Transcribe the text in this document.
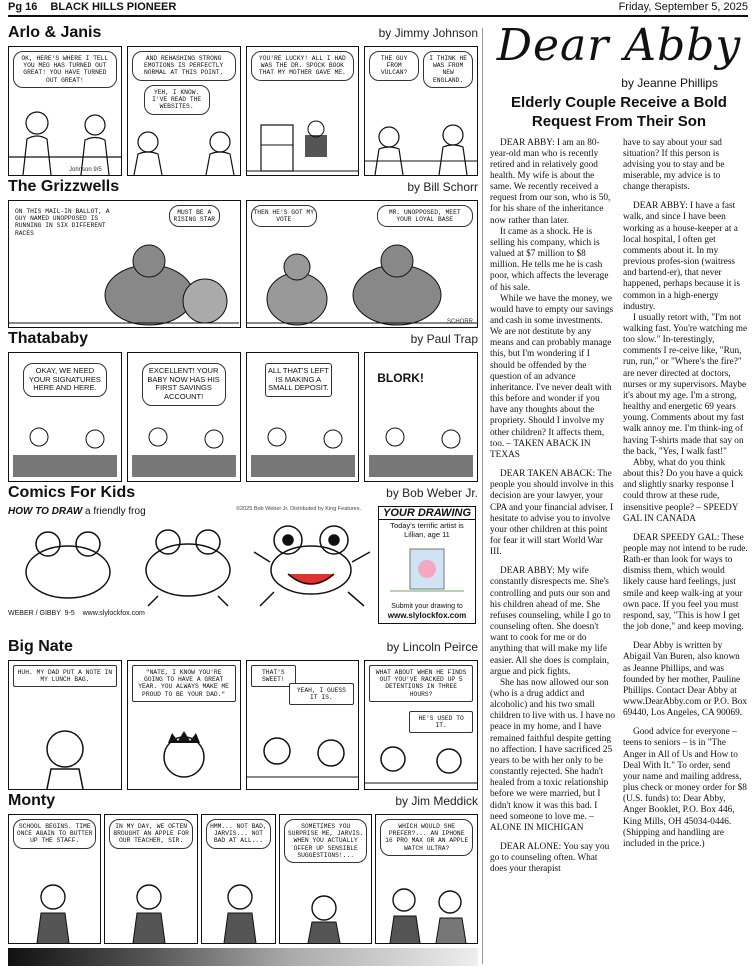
Pg 16 BLACK HILLS PIONEER	Friday, September 5, 2025
Arlo & Janis	by Jimmy Johnson
OK, HERE'S WHERE I TELL YOU MEG HAS TURNED OUT GREAT! YOU HAVE TURNED OUT GREAT!
Johnson 9/5
AND REHASHING STRONG EMOTIONS IS PERFECTLY NORMAL AT THIS POINT.
YEH, I KNOW. I'VE READ THE WEBSITES.
YOU'RE LUCKY! ALL I HAD WAS THE DR. SPOCK BOOK THAT MY MOTHER GAVE ME.
THE GUY FROM VULCAN?
I THINK HE WAS FROM NEW ENGLAND.
The Grizzwells	by Bill Schorr
ON THIS MAIL-IN BALLOT, A GUY NAMED UNOPPOSED IS RUNNING IN SIX DIFFERENT RACES
MUST BE A RISING STAR
THEN HE'S GOT MY VOTE
MR. UNOPPOSED, MEET YOUR LOYAL BASE
SCHORR
Thatababy	by Paul Trap
OKAY, WE NEED YOUR SIGNATURES HERE AND HERE.
EXCELLENT! YOUR BABY NOW HAS HIS FIRST SAVINGS ACCOUNT!
ALL THAT'S LEFT IS MAKING A SMALL DEPOSIT.
BLORK!
Comics For Kids	by Bob Weber Jr.
HOW TO DRAW a friendly frog	©2025 Bob Weber Jr. Distributed by King Features.	YOUR DRAWING
Today's terrific artist is Lillian, age 11
Submit your drawing to
www.slylockfox.com
WEBER / GIBBY 9-5 www.slylockfox.com
Big Nate	by Lincoln Peirce
HUH. MY DAD PUT A NOTE IN MY LUNCH BAG.
"NATE, I KNOW YOU'RE GOING TO HAVE A GREAT YEAR. YOU ALWAYS MAKE ME PROUD TO BE YOUR DAD."
THAT'S SWEET!
YEAH, I GUESS IT IS.
WHAT ABOUT WHEN HE FINDS OUT YOU'VE RACKED UP 5 DETENTIONS IN THREE HOURS?
HE'S USED TO IT.
Monty	by Jim Meddick
SCHOOL BEGINS. TIME ONCE AGAIN TO BUTTER UP THE STAFF.
IN MY DAY, WE OFTEN BROUGHT AN APPLE FOR OUR TEACHER, SIR.
HMM... NOT BAD, JARVIS... NOT BAD AT ALL...
SOMETIMES YOU SURPRISE ME, JARVIS. WHEN YOU ACTUALLY OFFER UP SENSIBLE SUGGESTIONS!...
WHICH WOULD SHE PREFER?... AN IPHONE 16 PRO MAX OR AN APPLE WATCH ULTRA?
Dear Abby
by Jeanne Phillips
Elderly Couple Receive a Bold Request From Their Son

DEAR ABBY: I am an 80-year-old man who is recently retired and in relatively good health. My wife is about the same. We recently received a request from our son, who is 50, for his share of the inheritance now rather than later.

It came as a shock. He is selling his company, which is valued at $7 million to $8 million. He tells me he is cash poor, which affects the leverage of his sale.

While we have the money, we would have to empty our savings and cash in some investments. We are not destitute by any means and can probably manage this, but I'm wondering if I should be offended by the question of an advance inheritance. I've never dealt with this before and wonder if you have any thoughts about the propriety. Should I involve my other children? It affects them, too. – TAKEN ABACK IN TEXAS

DEAR TAKEN ABACK: The people you should involve in this decision are your lawyer, your CPA and your financial adviser. I hesitate to advise you to involve your other children at this point for fear it will start World War III.

DEAR ABBY: My wife constantly disrespects me. She's controlling and puts our son and his children ahead of me. She refuses counseling, while I go to counseling often. She doesn't want to cook for me or do anything that will make my life easier. All she does is complain, argue and pick fights.

She has now allowed our son (who is a drug addict and alcoholic) and his two small children to live with us. I have no peace in my home, and I have remained faithful despite getting no affection. I have sacrificed 25 years to be with her only to be constantly rejected. She hadn't healed from a toxic relationship before we were married, but I didn't know it was this bad. I need someone to love me. – ALONE IN MICHIGAN

DEAR ALONE: You say you go to counseling often. What does your therapist

have to say about your sad situation? If this person is advising you to stay and be miserable, my advice is to change therapists.

DEAR ABBY: I have a fast walk, and since I have been working as a house-keeper at a local hospital, I often get comments about it. In my previous profes-sion (waitress and bartend-er), that never happened, perhaps because it is common in a high-energy industry.

I usually retort with, "I'm not walking fast. You're watching me too slow." In-terestingly, comments I re-ceive like, "Run, run, run," or "Where's the fire?" are never directed at doctors, nurses or my supervisors. Maybe it's about my age. I'm a strong, healthy and energetic 69 years young. Comments about my fast walk annoy me. I'm think-ing of having T-shirts made that say on the back, "Yes, I walk fast!"

Abby, what do you think about this? Do you have a quick and slightly snarky response I could throw at these rude, insensitive people? – SPEEDY GAL IN CANADA

DEAR SPEEDY GAL: These people may not intend to be rude. Rath-er than look for ways to dismiss them, which would likely cause hard feelings, just smile and keep walk-ing at your own pace. If you feel you must respond, say, "This is how I get the job done," and keep moving.

Dear Abby is written by Abigail Van Buren, also known as Jeanne Phillips, and was founded by her mother, Pauline Phillips. Contact Dear Abby at www.DearAbby.com or P.O. Box 69440, Los Angeles, CA 90069.

Good advice for everyone – teens to seniors – is in "The Anger in All of Us and How to Deal With It." To order, send your name and mailing address, plus check or money order for $8 (U.S. funds) to: Dear Abby, Anger Booklet, P.O. Box 446, King Mills, OH 45034-0446. (Shipping and handling are included in the price.)
